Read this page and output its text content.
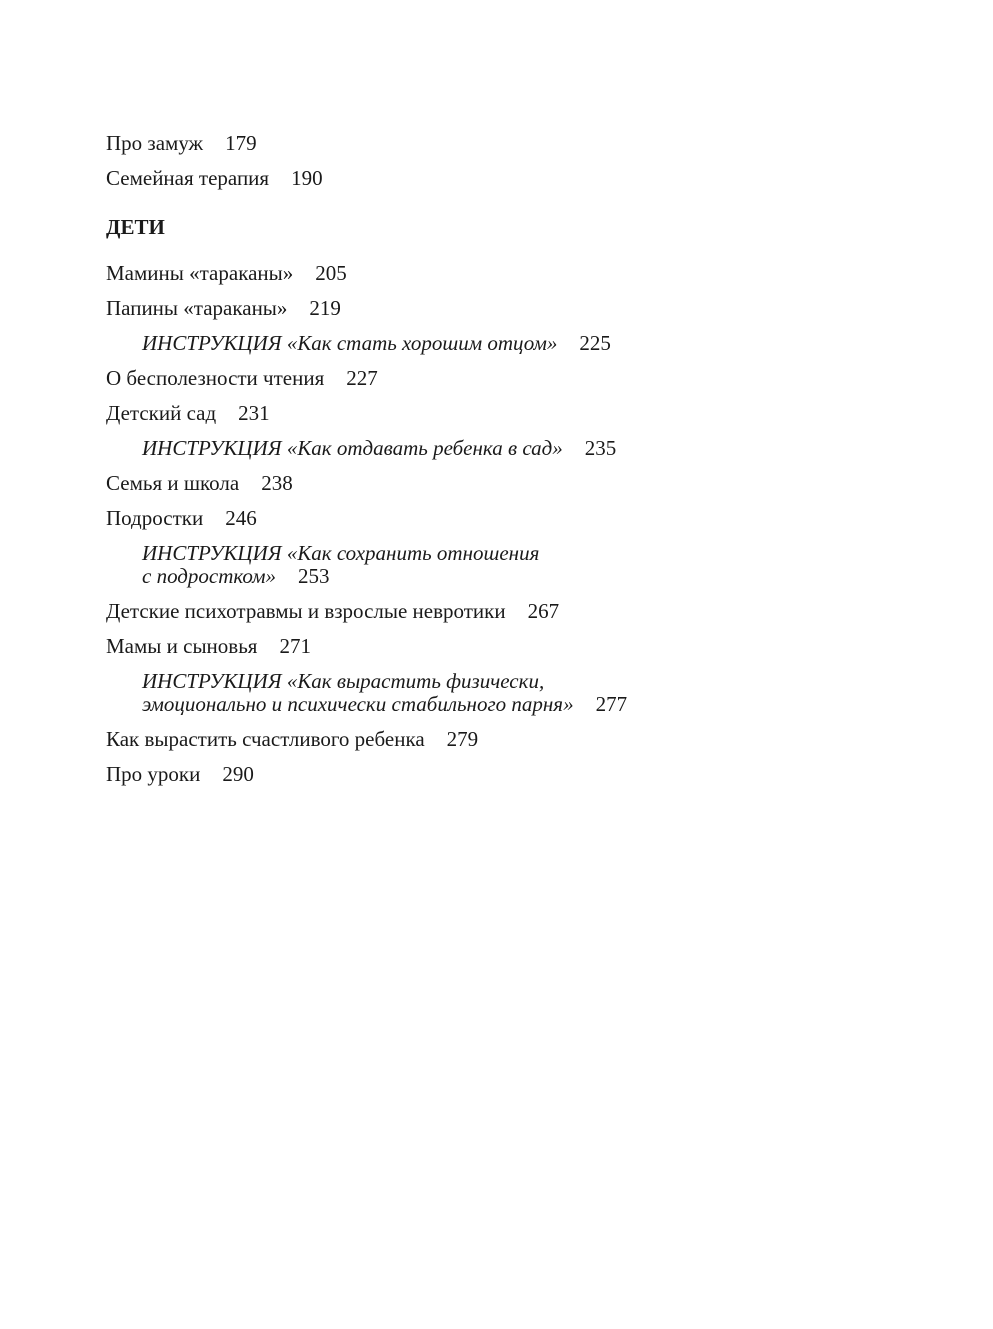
Про замуж 179
Семейная терапия 190
ДЕТИ
Мамины «тараканы» 205
Папины «тараканы» 219
ИНСТРУКЦИЯ «Как стать хорошим отцом» 225
О бесполезности чтения 227
Детский сад 231
ИНСТРУКЦИЯ «Как отдавать ребенка в сад» 235
Семья и школа 238
Подростки 246
ИНСТРУКЦИЯ «Как сохранить отношения
с подростком» 253
Детские психотравмы и взрослые невротики 267
Мамы и сыновья 271
ИНСТРУКЦИЯ «Как вырастить физически,
эмоционально и психически стабильного парня» 277
Как вырастить счастливого ребенка 279
Про уроки 290
